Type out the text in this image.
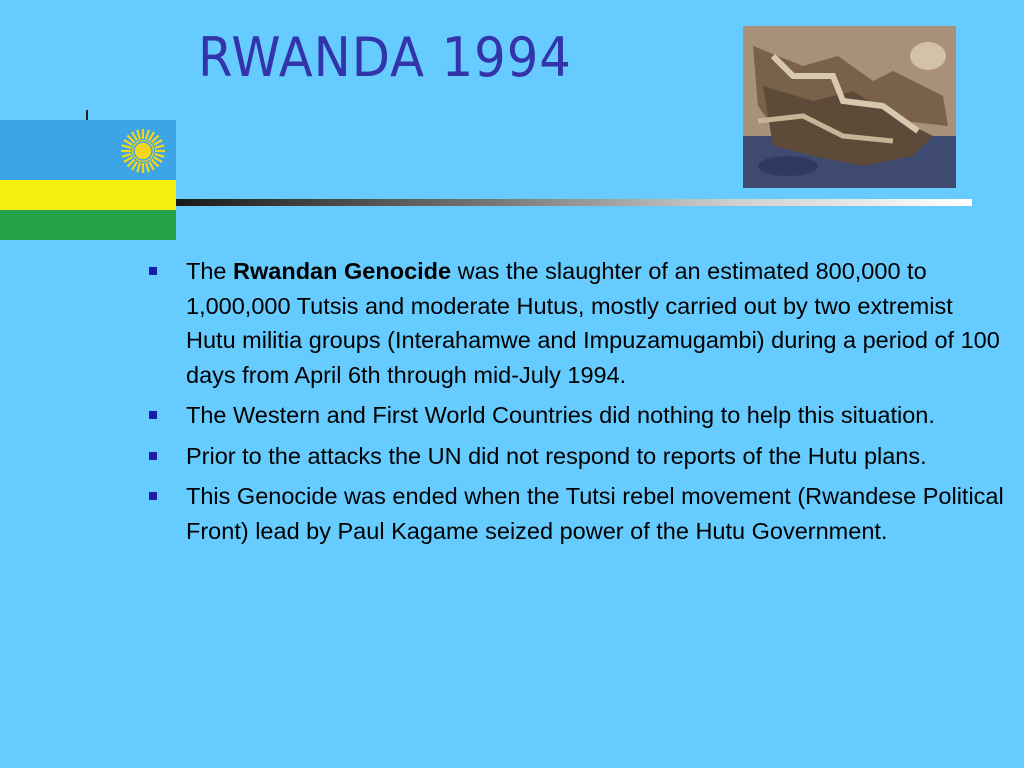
RWANDA 1994
The Rwandan Genocide was the slaughter of an estimated 800,000 to 1,000,000 Tutsis and moderate Hutus, mostly carried out by two extremist Hutu militia groups (Interahamwe and Impuzamugambi) during a period of 100 days from April 6th through mid-July 1994.
The Western and First World Countries did nothing to help this situation.
Prior to the attacks the UN did not respond to reports of the Hutu plans.
This Genocide was ended when the Tutsi rebel movement (Rwandese Political Front) lead by Paul Kagame seized power of the Hutu Government.
